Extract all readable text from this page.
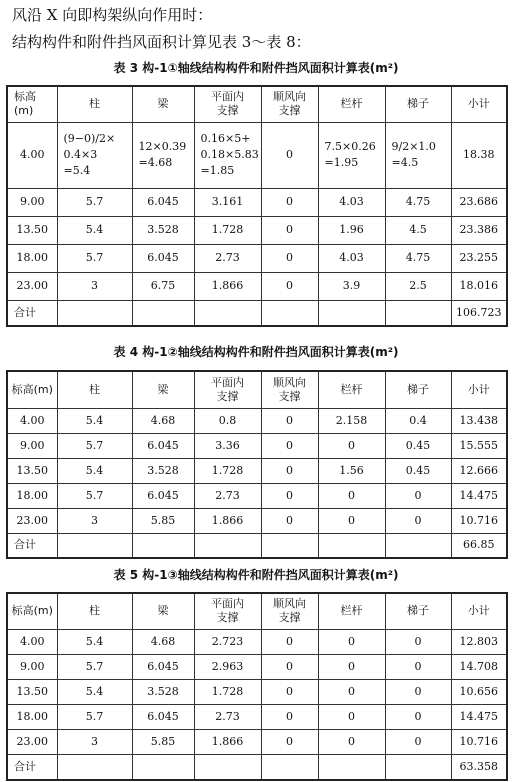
风沿 X 向即构架纵向作用时：
结构构件和附件挡风面积计算见表 3～表 8：
表 3 构-1①轴线结构构件和附件挡风面积计算表(m²)
标高
(m)	柱	梁	平面内
支撑	顺风向
支撑	栏杆	梯子	小计
4.00	(9−0)/2×
0.4×3
=5.4	12×0.39
=4.68	0.16×5+
0.18×5.83
=1.85	0	7.5×0.26
=1.95	9/2×1.0
=4.5	18.38
9.00	5.7	6.045	3.161	0	4.03	4.75	23.686
13.50	5.4	3.528	1.728	0	1.96	4.5	23.386
18.00	5.7	6.045	2.73	0	4.03	4.75	23.255
23.00	3	6.75	1.866	0	3.9	2.5	18.016
合计							106.723
表 4 构-1②轴线结构构件和附件挡风面积计算表(m²)
标高(m)	柱	梁	平面内
支撑	顺风向
支撑	栏杆	梯子	小计
4.00	5.4	4.68	0.8	0	2.158	0.4	13.438
9.00	5.7	6.045	3.36	0	0	0.45	15.555
13.50	5.4	3.528	1.728	0	1.56	0.45	12.666
18.00	5.7	6.045	2.73	0	0	0	14.475
23.00	3	5.85	1.866	0	0	0	10.716
合计							66.85
表 5 构-1③轴线结构构件和附件挡风面积计算表(m²)
标高(m)	柱	梁	平面内
支撑	顺风向
支撑	栏杆	梯子	小计
4.00	5.4	4.68	2.723	0	0	0	12.803
9.00	5.7	6.045	2.963	0	0	0	14.708
13.50	5.4	3.528	1.728	0	0	0	10.656
18.00	5.7	6.045	2.73	0	0	0	14.475
23.00	3	5.85	1.866	0	0	0	10.716
合计							63.358
